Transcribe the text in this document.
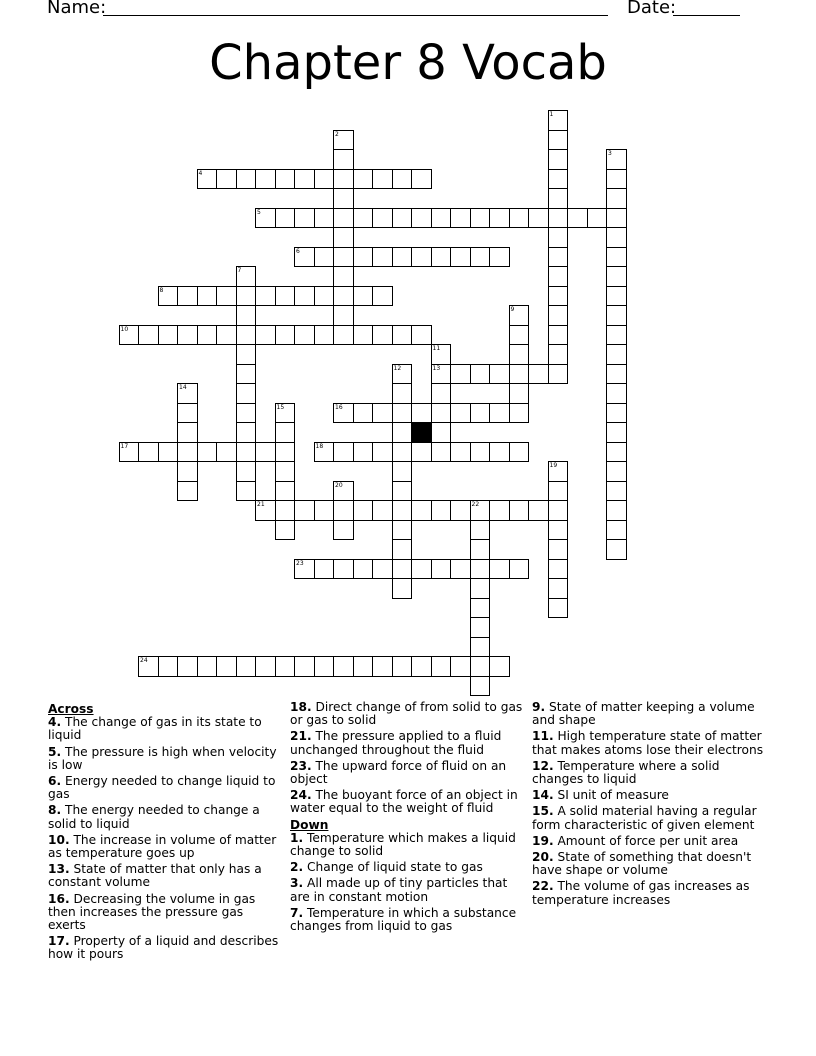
Name:	Date:
Chapter 8 Vocab
1
2
3
4
5
6
7
8
9
10
11
13
12
14
15	16
17	18
19
20
21	22
23
24
Across
4. The change of gas in its state to liquid
5. The pressure is high when velocity is low
6. Energy needed to change liquid to gas
8. The energy needed to change a solid to liquid
10. The increase in volume of matter as temperature goes up
13. State of matter that only has a constant volume
16. Decreasing the volume in gas then increases the pressure gas exerts
17. Property of a liquid and describes how it pours
18. Direct change of from solid to gas or gas to solid
21. The pressure applied to a fluid unchanged throughout the fluid
23. The upward force of fluid on an object
24. The buoyant force of an object in water equal to the weight of fluid
Down
1. Temperature which makes a liquid change to solid
2. Change of liquid state to gas
3. All made up of tiny particles that are in constant motion
7. Temperature in which a substance changes from liquid to gas
9. State of matter keeping a volume and shape
11. High temperature state of matter that makes atoms lose their electrons
12. Temperature where a solid changes to liquid
14. SI unit of measure
15. A solid material having a regular form characteristic of given element
19. Amount of force per unit area
20. State of something that doesn't have shape or volume
22. The volume of gas increases as temperature increases
